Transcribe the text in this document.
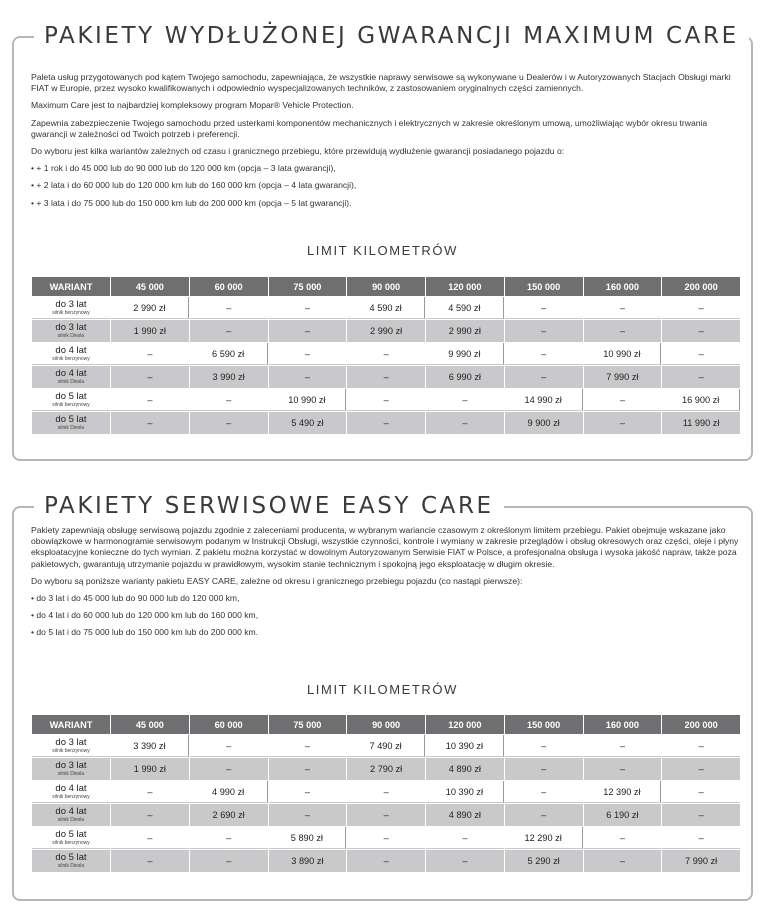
PAKIETY WYDŁUŻONEJ GWARANCJI MAXIMUM CARE

Paleta usług przygotowanych pod kątem Twojego samochodu, zapewniająca, że wszystkie naprawy serwisowe są wykonywane u Dealerów i w Autoryzowanych Stacjach Obsługi marki FIAT w Europie, przez wysoko kwalifikowanych i odpowiednio wyspecjalizowanych techników, z zastosowaniem oryginalnych części zamiennych.

Maximum Care jest to najbardziej kompleksowy program Mopar® Vehicle Protection.

Zapewnia zabezpieczenie Twojego samochodu przed usterkami komponentów mechanicznych i elektrycznych w zakresie określonym umową, umożliwiając wybór okresu trwania gwarancji w zależności od Twoich potrzeb i preferencji.

Do wyboru jest kilka wariantów zależnych od czasu i granicznego przebiegu, które przewidują wydłużenie gwarancji posiadanego pojazdu o:

• + 1 rok i do 45 000 lub do 90 000 lub do 120 000 km (opcja – 3 lata gwarancji),
• + 2 lata i do 60 000 lub do 120 000 km lub do 160 000 km (opcja – 4 lata gwarancji),
• + 3 lata i do 75 000 lub do 150 000 km lub do 200 000 km (opcja – 5 lat gwarancji).
LIMIT KILOMETRÓW
WARIANT	45 000	60 000	75 000	90 000	120 000	150 000	160 000	200 000

do 3 lat
silnik benzynowy	2 990 zł	–	–	4 590 zł	4 590 zł	–	–	–

do 3 lat
silnik Diesla	1 990 zł	–	–	2 990 zł	2 990 zł	–	–	–

do 4 lat
silnik benzynowy	–	6 590 zł	–	–	9 990 zł	–	10 990 zł	–

do 4 lat
silnik Diesla	–	3 990 zł	–	–	6 990 zł	–	7 990 zł	–

do 5 lat
silnik benzynowy	–	–	10 990 zł	–	–	14 990 zł	–	16 900 zł

do 5 lat
silnik Diesla	–	–	5 490 zł	–	–	9 900 zł	–	11 990 zł
PAKIETY SERWISOWE EASY CARE

Pakiety zapewniają obsługę serwisową pojazdu zgodnie z zaleceniami producenta, w wybranym wariancie czasowym z określonym limitem przebiegu. Pakiet obejmuje wskazane jako obowiązkowe w harmonogramie serwisowym podanym w Instrukcji Obsługi, wszystkie czynności, kontrole i wymiany w zakresie przeglądów i obsług okresowych oraz części, oleje i płyny eksploatacyjne konieczne do tych wymian. Z pakietu można korzystać w dowolnym Autoryzowanym Serwisie FIAT w Polsce, a profesjonalna obsługa i wysoka jakość napraw, także poza pakietowych, gwarantują utrzymanie pojazdu w prawidłowym, wysokim stanie technicznym i spokojną jego eksploatację w długim okresie.

Do wyboru są poniższe warianty pakietu EASY CARE, zależne od okresu i granicznego przebiegu pojazdu (co nastąpi pierwsze):

• do 3 lat i do 45 000 lub do 90 000 lub do 120 000 km,
• do 4 lat i do 60 000 lub do 120 000 km lub do 160 000 km,
• do 5 lat i do 75 000 lub do 150 000 km lub do 200 000 km.
LIMIT KILOMETRÓW
WARIANT	45 000	60 000	75 000	90 000	120 000	150 000	160 000	200 000

do 3 lat
silnik benzynowy	3 390 zł	–	–	7 490 zł	10 390 zł	–	–	–

do 3 lat
silnik Diesla	1 990 zł	–	–	2 790 zł	4 890 zł	–	–	–

do 4 lat
silnik benzynowy	–	4 990 zł	–	–	10 390 zł	–	12 390 zł	–

do 4 lat
silnik Diesla	–	2 690 zł	–	–	4 890 zł	–	6 190 zł	–

do 5 lat
silnik benzynowy	–	–	5 890 zł	–	–	12 290 zł	–	–

do 5 lat
silnik Diesla	–	–	3 890 zł	–	–	5 290 zł	–	7 990 zł
